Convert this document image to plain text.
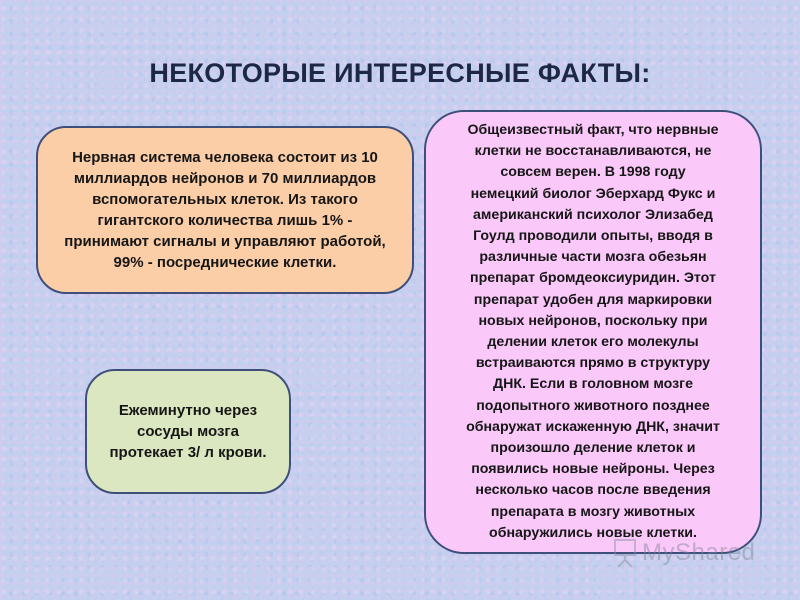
НЕКОТОРЫЕ ИНТЕРЕСНЫЕ ФАКТЫ:
Нервная система человека состоит из 10
миллиардов нейронов и 70 миллиардов
вспомогательных клеток. Из такого
гигантского количества лишь 1% -
принимают сигналы и управляют работой,
99% - посреднические клетки.
Ежеминутно через
сосуды мозга
протекает 3/ л крови.
Общеизвестный факт, что нервные
клетки не восстанавливаются, не
совсем верен. В 1998 году
немецкий биолог Эберхард Фукс и
американский психолог Элизабед
Гоулд проводили опыты, вводя в
различные части мозга обезьян
препарат бромдеоксиуридин. Этот
препарат удобен для маркировки
новых нейронов, поскольку при
делении клеток его молекулы
встраиваются прямо в структуру
ДНК. Если в головном мозге
подопытного животного позднее
обнаружат искаженную ДНК, значит
произошло деление клеток и
появились новые нейроны. Через
несколько часов после введения
препарата в мозгу животных
обнаружились новые клетки.
MyShared
